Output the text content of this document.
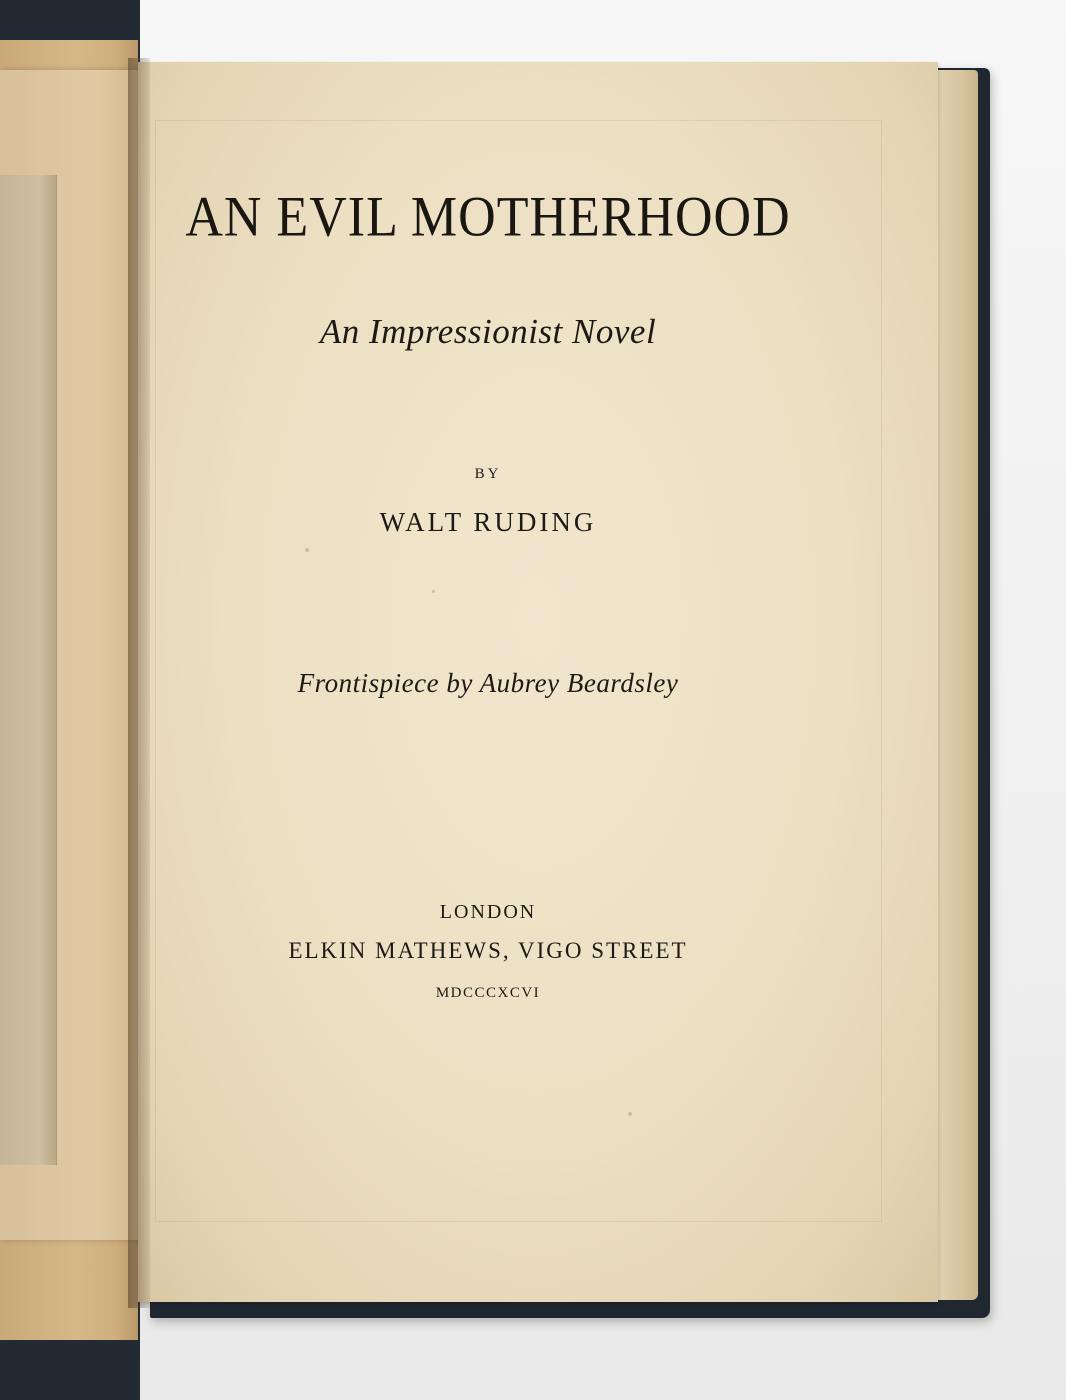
AN EVIL MOTHERHOOD

An Impressionist Novel

BY

WALT RUDING

Frontispiece by Aubrey Beardsley

LONDON

ELKIN MATHEWS, VIGO STREET

MDCCCXCVI
